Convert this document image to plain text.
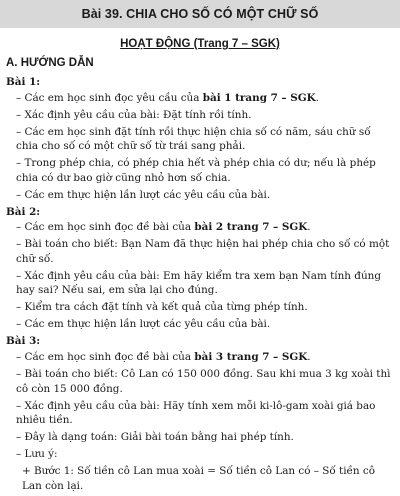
Bài 39. CHIA CHO SỐ CÓ MỘT CHỮ SỐ
HOẠT ĐỘNG (Trang 7 – SGK)
A. HƯỚNG DẪN
Bài 1:
– Các em học sinh đọc yêu cầu của bài 1 trang 7 – SGK.
– Xác định yêu cầu của bài: Đặt tính rồi tính.
– Các em học sinh đặt tính rồi thực hiện chia số có năm, sáu chữ số chia cho số có một chữ số từ trái sang phải.
– Trong phép chia, có phép chia hết và phép chia có dư; nếu là phép chia có dư bao giờ cũng nhỏ hơn số chia.
– Các em thực hiện lần lượt các yêu cầu của bài.
Bài 2:
– Các em học sinh đọc đề bài của bài 2 trang 7 – SGK.
– Bài toán cho biết: Bạn Nam đã thực hiện hai phép chia cho số có một chữ số.
– Xác định yêu cầu của bài: Em hãy kiểm tra xem bạn Nam tính đúng hay sai? Nếu sai, em sửa lại cho đúng.
– Kiểm tra cách đặt tính và kết quả của từng phép tính.
– Các em thực hiện lần lượt các yêu cầu của bài.
Bài 3:
– Các em học sinh đọc đề bài của bài 3 trang 7 – SGK.
– Bài toán cho biết: Cô Lan có 150 000 đồng. Sau khi mua 3 kg xoài thì cô còn 15 000 đồng.
– Xác định yêu cầu của bài: Hãy tính xem mỗi ki-lô-gam xoài giá bao nhiêu tiền.
– Đây là dạng toán: Giải bài toán bằng hai phép tính.
– Lưu ý:
+ Bước 1: Số tiền cô Lan mua xoài = Số tiền cô Lan có – Số tiền cô Lan còn lại.
